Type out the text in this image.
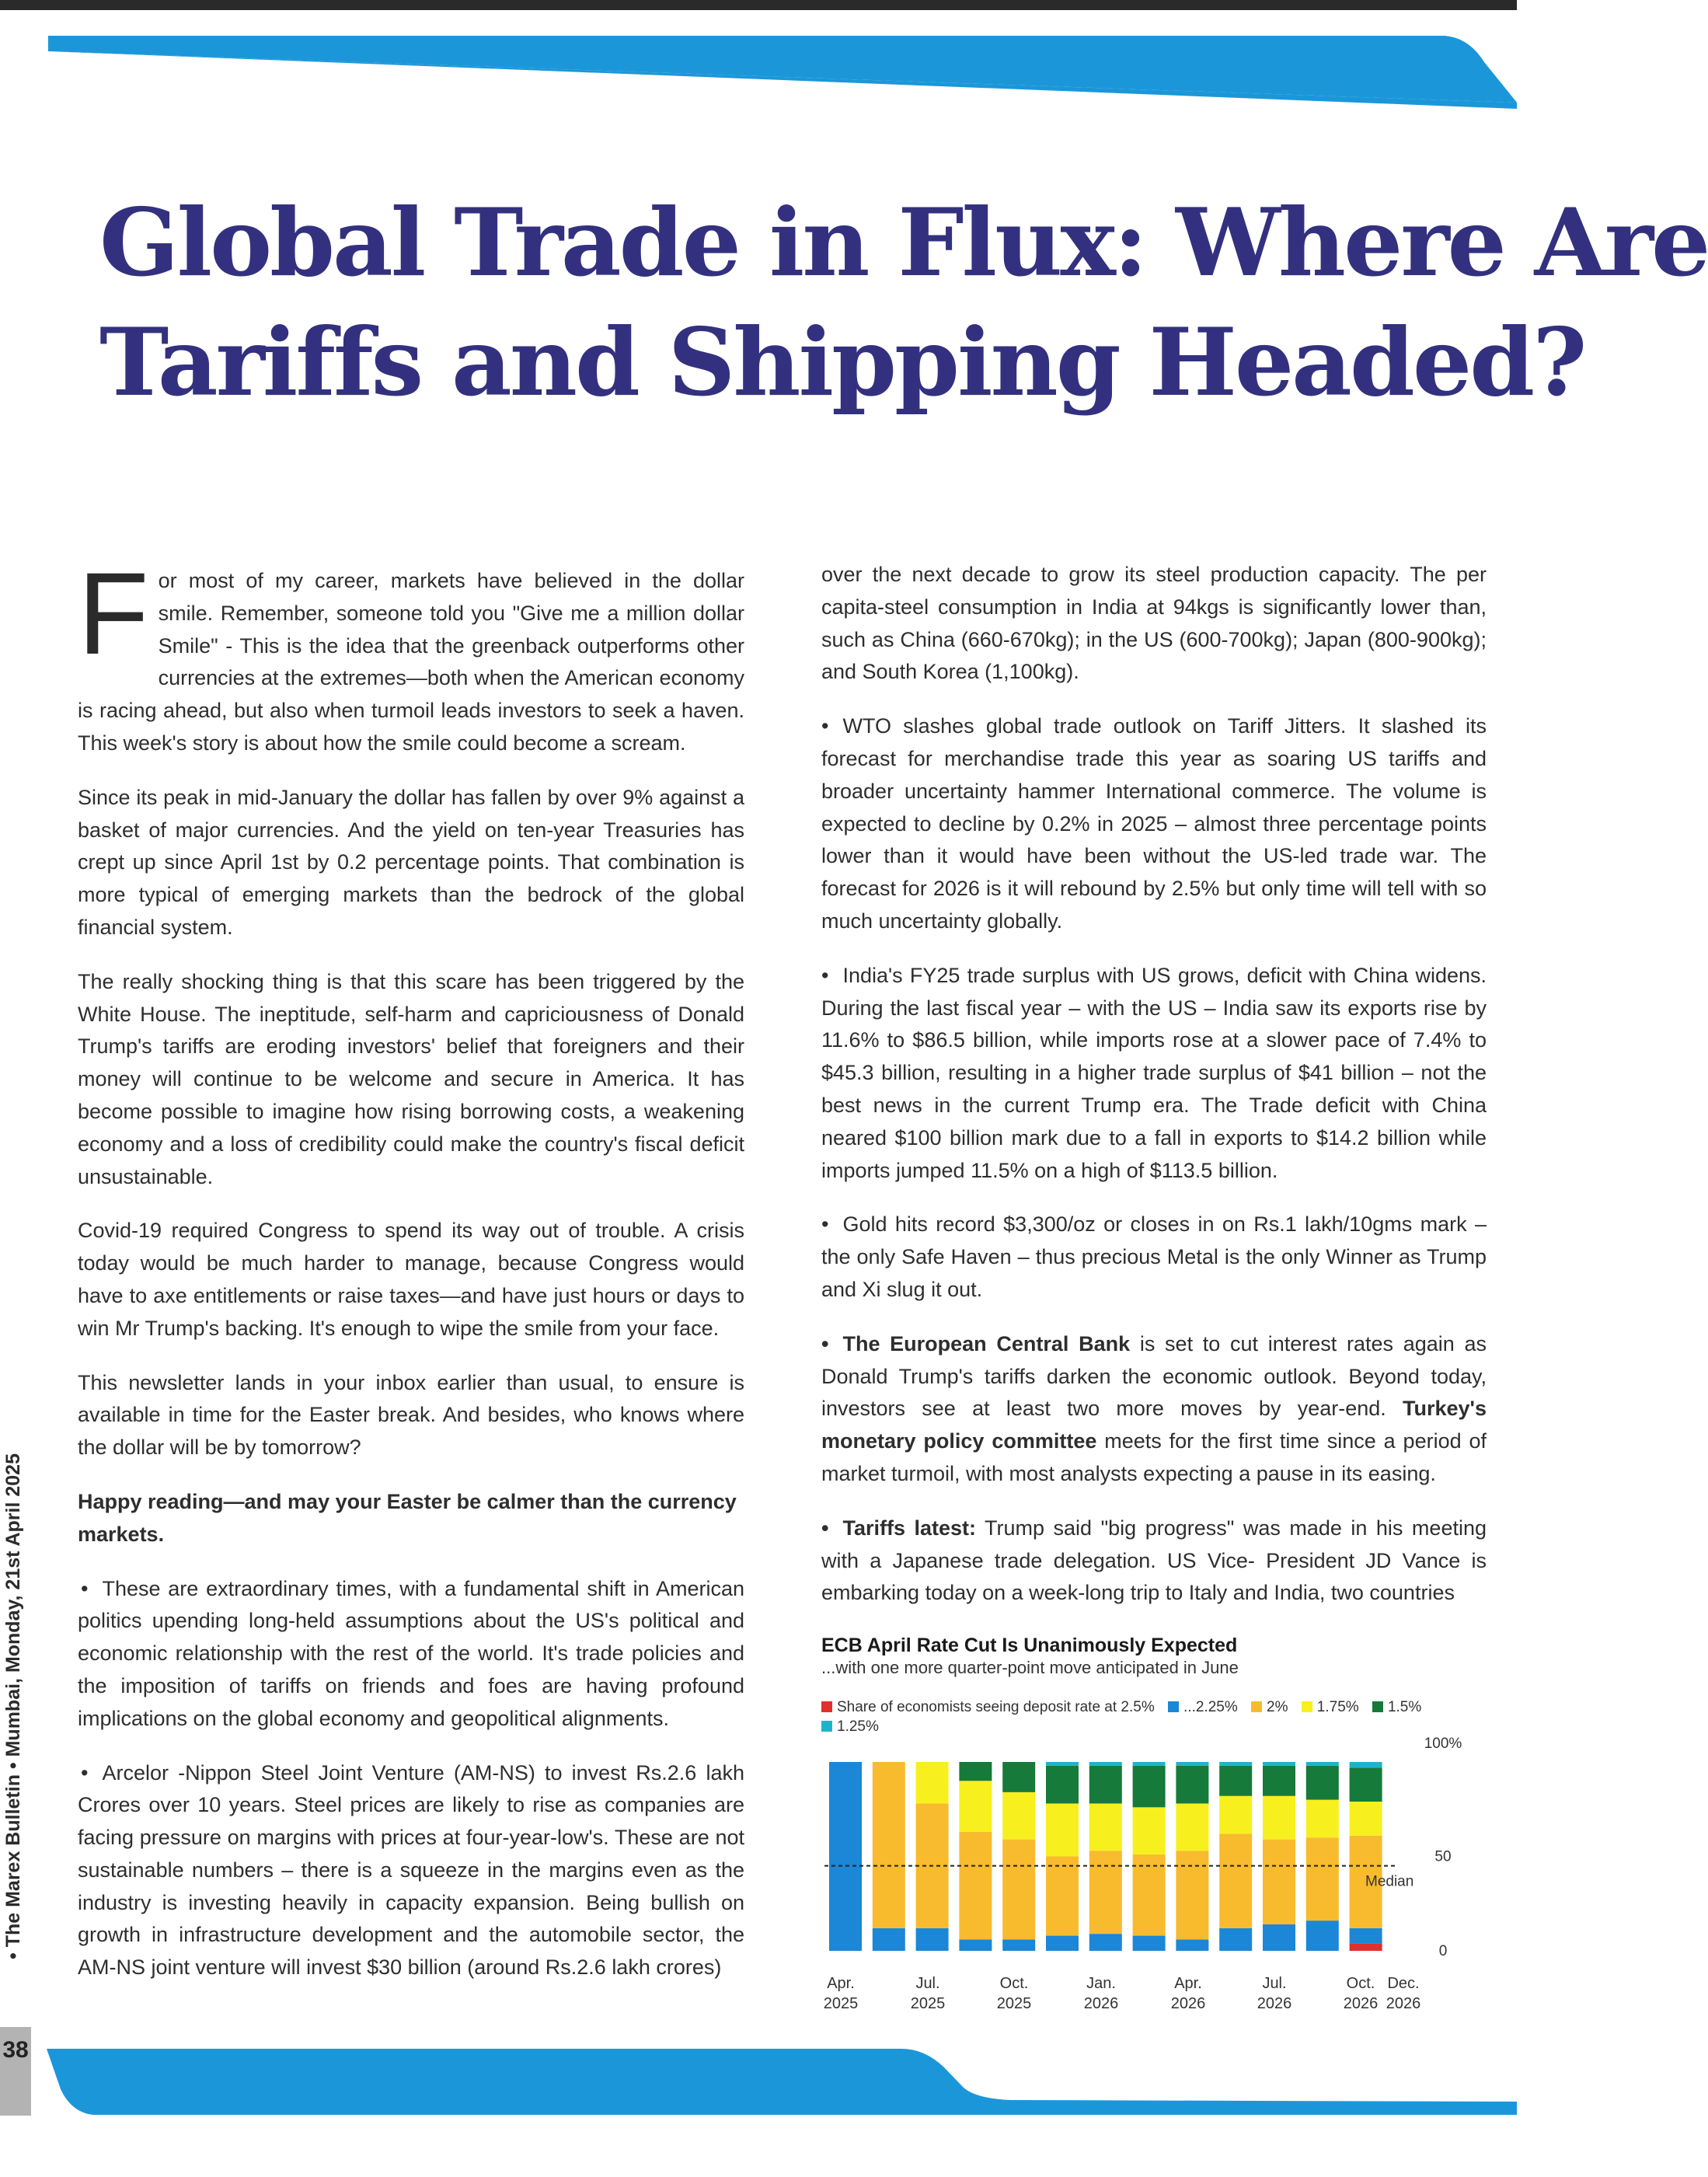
Global Trade in Flux: Where Are
Tariffs and Shipping Headed?

For most of my career, markets have believed in the dollar smile. Remember, someone told you "Give me a million dollar Smile" - This is the idea that the greenback outperforms other currencies at the extremes—both when the American economy is racing ahead, but also when turmoil leads investors to seek a haven. This week's story is about how the smile could become a scream.

Since its peak in mid-January the dollar has fallen by over 9% against a basket of major currencies. And the yield on ten-year Treasuries has crept up since April 1st by 0.2 percentage points. That combination is more typical of emerging markets than the bedrock of the global financial system.

The really shocking thing is that this scare has been triggered by the White House. The ineptitude, self-harm and capriciousness of Donald Trump's tariffs are eroding investors' belief that foreigners and their money will continue to be welcome and secure in America. It has become possible to imagine how rising borrowing costs, a weakening economy and a loss of credibility could make the country's fiscal deficit unsustainable.

Covid-19 required Congress to spend its way out of trouble. A crisis today would be much harder to manage, because Congress would have to axe entitlements or raise taxes—and have just hours or days to win Mr Trump's backing. It's enough to wipe the smile from your face.

This newsletter lands in your inbox earlier than usual, to ensure is available in time for the Easter break. And besides, who knows where the dollar will be by tomorrow?

Happy reading—and may your Easter be calmer than the currency markets.

• These are extraordinary times, with a fundamental shift in American politics upending long-held assumptions about the US's political and economic relationship with the rest of the world. It's trade policies and the imposition of tariffs on friends and foes are having profound implications on the global economy and geopolitical alignments.

• Arcelor -Nippon Steel Joint Venture (AM-NS) to invest Rs.2.6 lakh Crores over 10 years. Steel prices are likely to rise as companies are facing pressure on margins with prices at four-year-low's. These are not sustainable numbers – there is a squeeze in the margins even as the industry is investing heavily in capacity expansion. Being bullish on growth in infrastructure development and the automobile sector, the AM-NS joint venture will invest $30 billion (around Rs.2.6 lakh crores)

over the next decade to grow its steel production capacity. The per capita-steel consumption in India at 94kgs is significantly lower than, such as China (660-670kg); in the US (600-700kg); Japan (800-900kg); and South Korea (1,100kg).

• WTO slashes global trade outlook on Tariff Jitters. It slashed its forecast for merchandise trade this year as soaring US tariffs and broader uncertainty hammer International commerce. The volume is expected to decline by 0.2% in 2025 – almost three percentage points lower than it would have been without the US-led trade war. The forecast for 2026 is it will rebound by 2.5% but only time will tell with so much uncertainty globally.

• India's FY25 trade surplus with US grows, deficit with China widens. During the last fiscal year – with the US – India saw its exports rise by 11.6% to $86.5 billion, while imports rose at a slower pace of 7.4% to $45.3 billion, resulting in a higher trade surplus of $41 billion – not the best news in the current Trump era. The Trade deficit with China neared $100 billion mark due to a fall in exports to $14.2 billion while imports jumped 11.5% on a high of $113.5 billion.

• Gold hits record $3,300/oz or closes in on Rs.1 lakh/10gms mark – the only Safe Haven – thus precious Metal is the only Winner as Trump and Xi slug it out.

• The European Central Bank is set to cut interest rates again as Donald Trump's tariffs darken the economic outlook. Beyond today, investors see at least two more moves by year-end. Turkey's monetary policy committee meets for the first time since a period of market turmoil, with most analysts expecting a pause in its easing.

• Tariffs latest: Trump said "big progress" was made in his meeting with a Japanese trade delegation. US Vice- President JD Vance is embarking today on a week-long trip to Italy and India, two countries

ECB April Rate Cut Is Unanimously Expected
...with one more quarter-point move anticipated in June
Share of economists seeing deposit rate at 2.5% ...2.25% 2% 1.75% 1.5% 1.25%
Median
0
50
100%
Apr.
2025
Jul.
2025
Oct.
2025
Jan.
2026
Apr.
2026
Jul.
2026
Oct.
2026
Dec.
2026
• The Marex Bulletin • Mumbai, Monday, 21st April 2025
38
